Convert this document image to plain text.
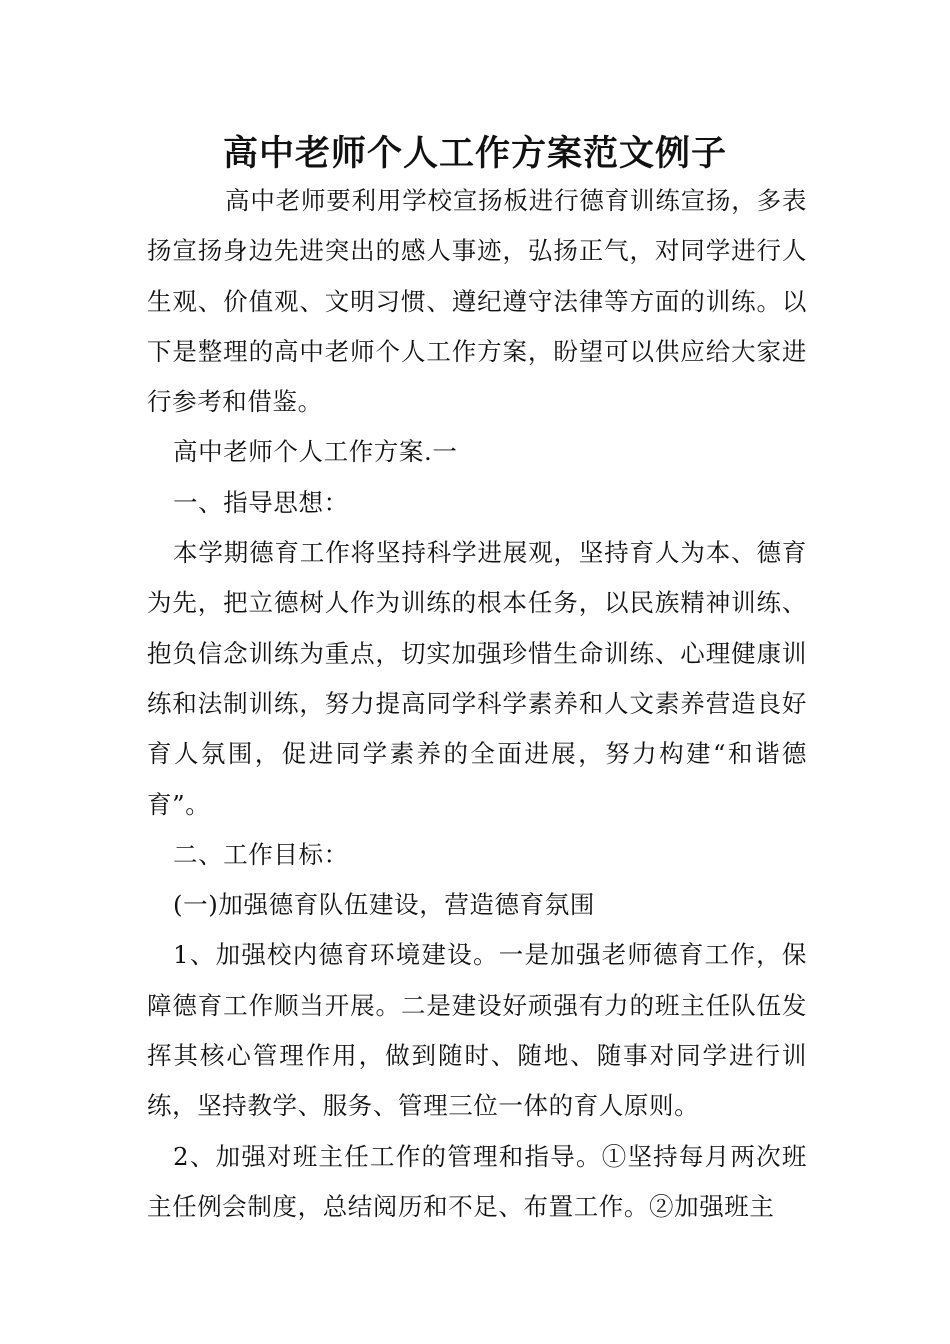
高中老师个人工作方案范文例子

高中老师要利用学校宣扬板进行德育训练宣扬，多表扬宣扬身边先进突出的感人事迹，弘扬正气，对同学进行人生观、价值观、文明习惯、遵纪遵守法律等方面的训练。以下是整理的高中老师个人工作方案，盼望可以供应给大家进行参考和借鉴。

高中老师个人工作方案.一

一、指导思想：

本学期德育工作将坚持科学进展观，坚持育人为本、德育为先，把立德树人作为训练的根本任务，以民族精神训练、抱负信念训练为重点，切实加强珍惜生命训练、心理健康训练和法制训练，努力提高同学科学素养和人文素养营造良好育人氛围，促进同学素养的全面进展，努力构建“和谐德育”。

二、工作目标：

(一)加强德育队伍建设，营造德育氛围

1、加强校内德育环境建设。一是加强老师德育工作，保障德育工作顺当开展。二是建设好顽强有力的班主任队伍发挥其核心管理作用，做到随时、随地、随事对同学进行训练，坚持教学、服务、管理三位一体的育人原则。

2、加强对班主任工作的管理和指导。①坚持每月两次班主任例会制度，总结阅历和不足、布置工作。②加强班主
